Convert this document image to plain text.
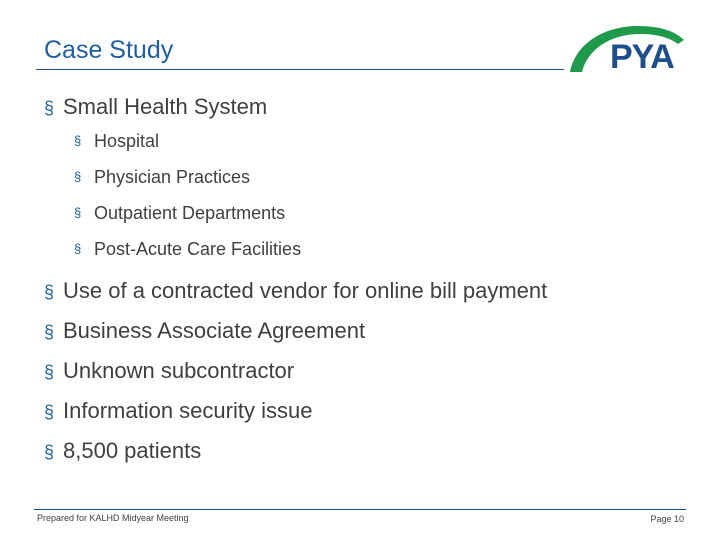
Case Study	PYA
§ Small Health System
§ Hospital
§ Physician Practices
§ Outpatient Departments
§ Post-Acute Care Facilities
§ Use of a contracted vendor for online bill payment
§ Business Associate Agreement
§ Unknown subcontractor
§ Information security issue
§ 8,500 patients
Prepared for KALHD Midyear Meeting	Page 10
